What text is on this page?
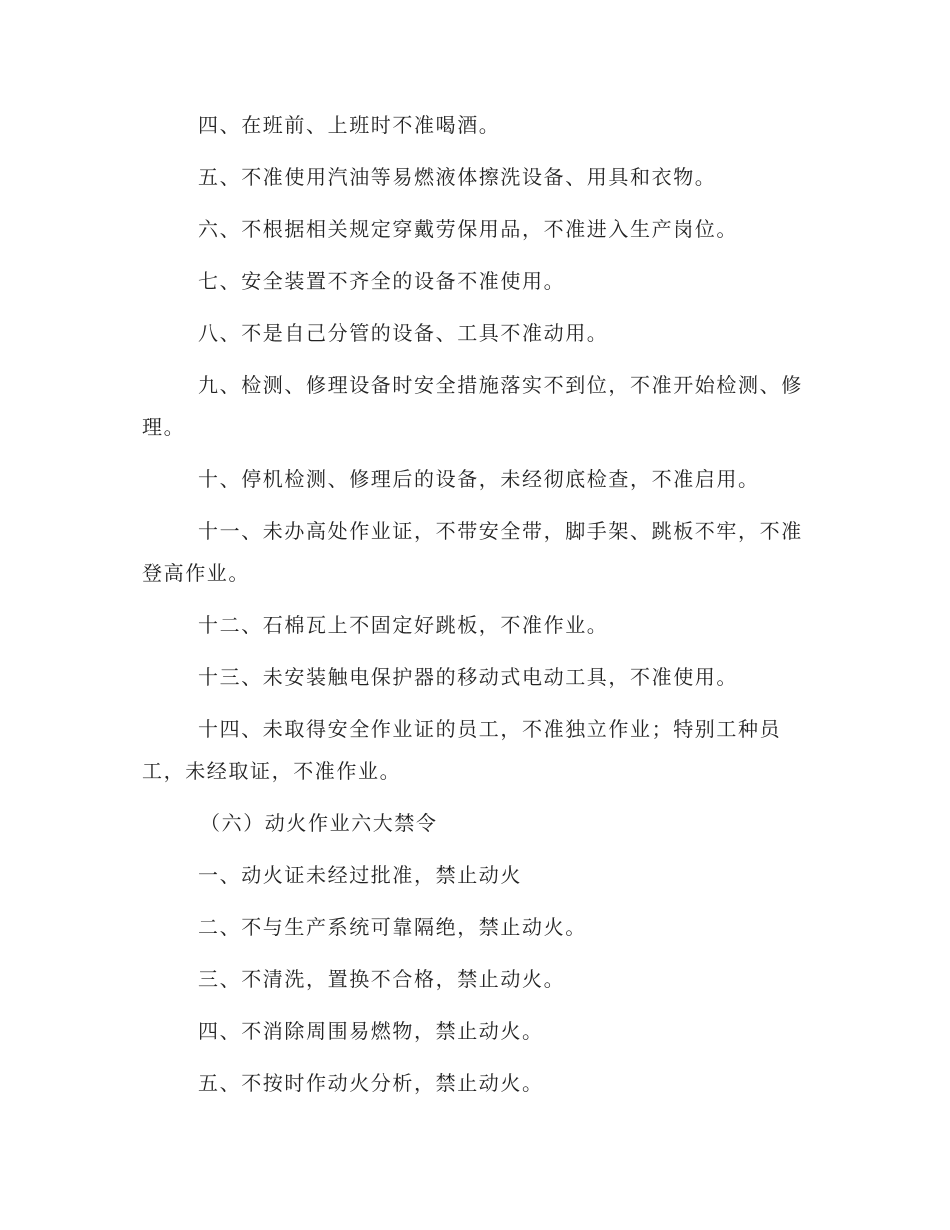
四、在班前、上班时不准喝酒。

五、不准使用汽油等易燃液体擦洗设备、用具和衣物。

六、不根据相关规定穿戴劳保用品，不准进入生产岗位。

七、安全装置不齐全的设备不准使用。

八、不是自己分管的设备、工具不准动用。

九、检测、修理设备时安全措施落实不到位，不准开始检测、修理。

十、停机检测、修理后的设备，未经彻底检查，不准启用。

十一、未办高处作业证，不带安全带，脚手架、跳板不牢，不准登高作业。

十二、石棉瓦上不固定好跳板，不准作业。

十三、未安装触电保护器的移动式电动工具，不准使用。

十四、未取得安全作业证的员工，不准独立作业；特别工种员工，未经取证，不准作业。

（六）动火作业六大禁令

一、动火证未经过批准，禁止动火

二、不与生产系统可靠隔绝，禁止动火。

三、不清洗，置换不合格，禁止动火。

四、不消除周围易燃物，禁止动火。

五、不按时作动火分析，禁止动火。
